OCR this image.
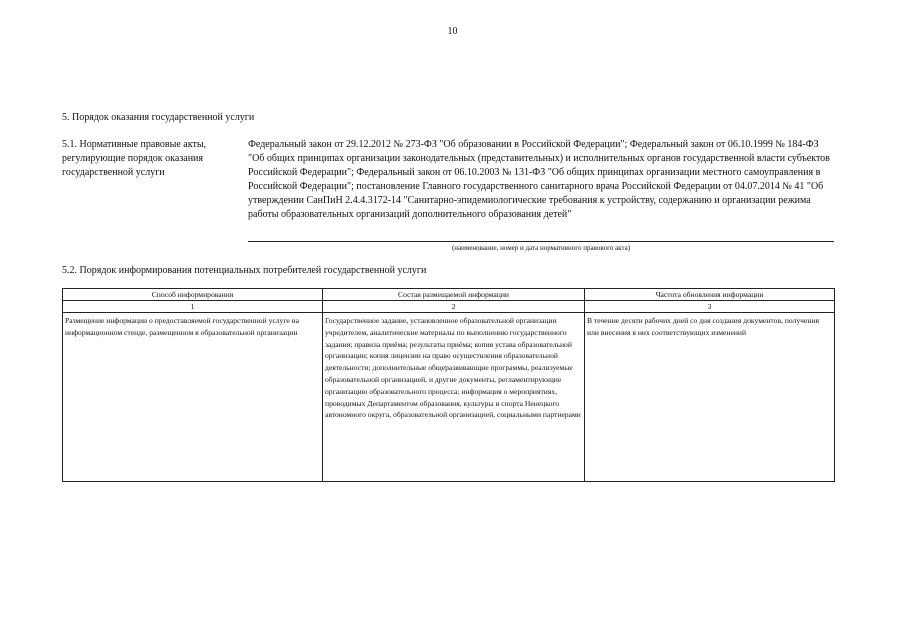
10
5. Порядок оказания государственной услуги
5.1. Нормативные правовые акты, регулирующие порядок оказания государственной услуги
Федеральный закон от 29.12.2012 № 273-ФЗ "Об образовании в Российской Федерации"; Федеральный закон от 06.10.1999 № 184-ФЗ "Об общих принципах организации законодательных (представительных) и исполнительных органов государственной власти субъектов Российской Федерации"; Федеральный закон от 06.10.2003 № 131-ФЗ "Об общих принципах организации местного самоуправления в Российской Федерации"; постановление Главного государственного санитарного врача Российской Федерации от 04.07.2014 № 41 "Об утверждении СанПиН 2.4.4.3172-14 "Санитарно-эпидемиологические требования к устройству, содержанию и организации режима работы образовательных организаций дополнительного образования детей"
(наименование, номер и дата нормативного правового акта)
5.2. Порядок информирования потенциальных потребителей государственной услуги
Способ информирования	Состав размещаемой информации	Частота обновления информации
1	2	3
Размещение информации о предоставляемой государственной услуге на информационном стенде, размещенном в образовательной организации	Государственное задание, установленное образовательной организации учредителем, аналитические материалы по выполнению государственного задания; правила приёма; результаты приёма; копия устава образовательной организации; копия лицензии на право осуществления образовательной деятельности; дополнительные общеразвивающие программы, реализуемые образовательной организацией, и другие документы, регламентирующие организацию образовательного процесса; информация о мероприятиях, проводимых Департаментом образования, культуры и спорта Ненецкого автономного округа, образовательной организацией, социальными партнерами	В течение десяти рабочих дней со дня создания документов, получения или внесения в них соответствующих изменений
